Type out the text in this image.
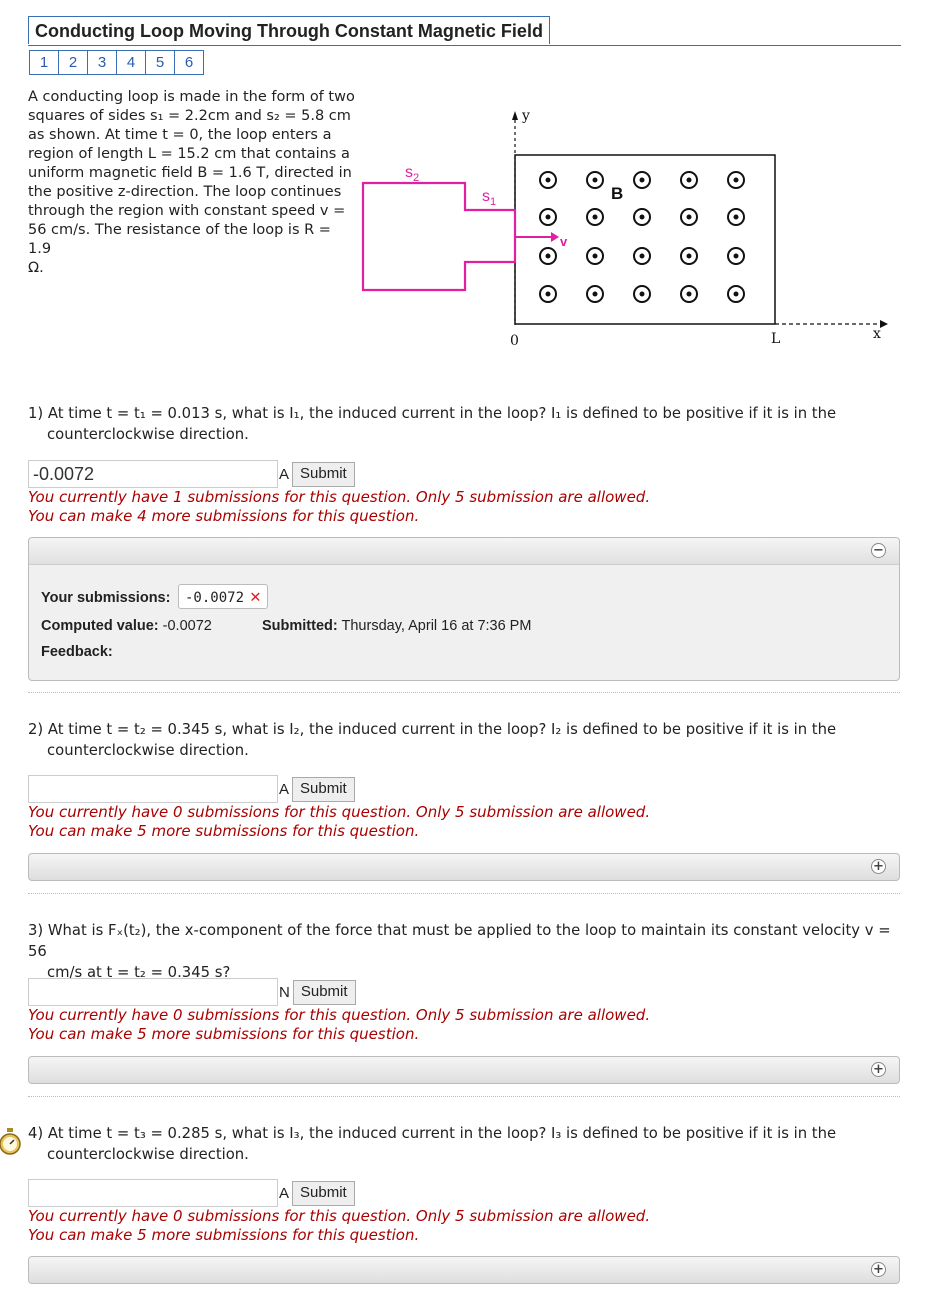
Conducting Loop Moving Through Constant Magnetic Field
1	2	3	4	5	6
A conducting loop is made in the form of two
squares of sides s₁ = 2.2cm and s₂ = 5.8 cm
as shown. At time t = 0, the loop enters a
region of length L = 15.2 cm that contains a
uniform magnetic field B = 1.6 T, directed in
the positive z-direction. The loop continues
through the region with constant speed v =
56 cm/s. The resistance of the loop is R = 1.9
Ω.
y
x
0	L
B
v
$s_2$
$s_1$
1) At time t = t₁ = 0.013 s, what is I₁, the induced current in the loop? I₁ is defined to be positive if it is in the
counterclockwise direction.
-0.0072	A Submit
You currently have 1 submissions for this question. Only 5 submission are allowed.
You can make 4 more submissions for this question.
−
Your submissions:	-0.0072 ✕
Computed value: -0.0072	Submitted: Thursday, April 16 at 7:36 PM
Feedback:
2) At time t = t₂ = 0.345 s, what is I₂, the induced current in the loop? I₂ is defined to be positive if it is in the
counterclockwise direction.
A Submit
You currently have 0 submissions for this question. Only 5 submission are allowed.
You can make 5 more submissions for this question.
+
3) What is Fₓ(t₂), the x-component of the force that must be applied to the loop to maintain its constant velocity v = 56
cm/s at t = t₂ = 0.345 s?
N Submit
You currently have 0 submissions for this question. Only 5 submission are allowed.
You can make 5 more submissions for this question.
+
4) At time t = t₃ = 0.285 s, what is I₃, the induced current in the loop? I₃ is defined to be positive if it is in the
counterclockwise direction.
A Submit
You currently have 0 submissions for this question. Only 5 submission are allowed.
You can make 5 more submissions for this question.
+
